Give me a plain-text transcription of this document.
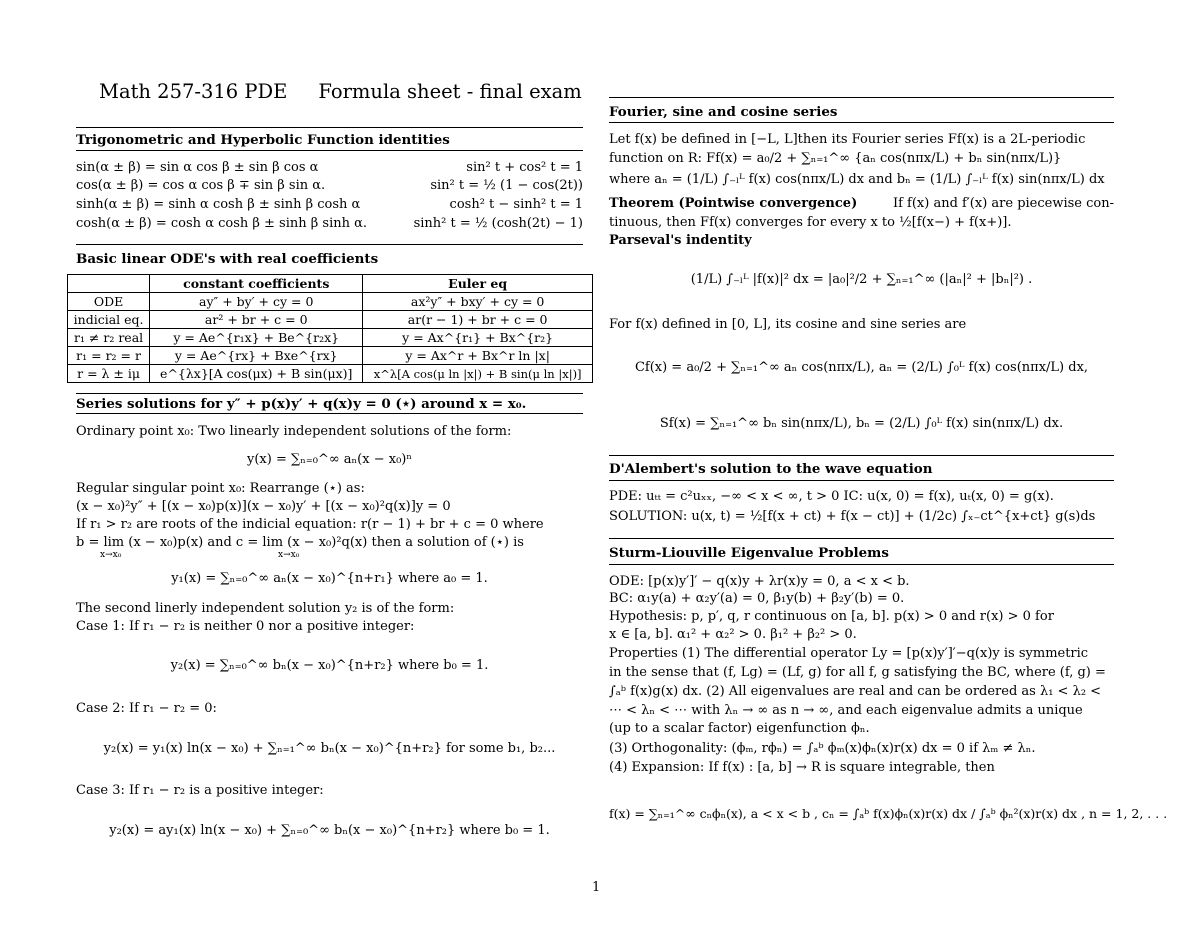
Math 257-316 PDE     Formula sheet - final exam
Trigonometric and Hyperbolic Function identities
sin(α ± β) = sin α cos β ± sin β cos α	sin² t + cos² t = 1
cos(α ± β) = cos α cos β ∓ sin β sin α.	sin² t = ½ (1 − cos(2t))
sinh(α ± β) = sinh α cosh β ± sinh β cosh α	cosh² t − sinh² t = 1
cosh(α ± β) = cosh α cosh β ± sinh β sinh α.	sinh² t = ½ (cosh(2t) − 1)
Basic linear ODE's with real coefficients
	constant coefficients	Euler eq
ODE	ay″ + by′ + cy = 0	ax²y″ + bxy′ + cy = 0
indicial eq.	ar² + br + c = 0	ar(r − 1) + br + c = 0
r₁ ≠ r₂ real	y = Ae^{r₁x} + Be^{r₂x}	y = Ax^{r₁} + Bx^{r₂}
r₁ = r₂ = r	y = Ae^{rx} + Bxe^{rx}	y = Ax^r + Bx^r ln |x|
r = λ ± iμ	e^{λx}[A cos(μx) + B sin(μx)]	x^λ[A cos(μ ln |x|) + B sin(μ ln |x|)]
Series solutions for y″ + p(x)y′ + q(x)y = 0 (⋆) around x = x₀.
Ordinary point x₀: Two linearly independent solutions of the form:
y(x) = ∑ₙ₌₀^∞ aₙ(x − x₀)ⁿ
Regular singular point x₀: Rearrange (⋆) as:
(x − x₀)²y″ + [(x − x₀)p(x)](x − x₀)y′ + [(x − x₀)²q(x)]y = 0
If r₁ > r₂ are roots of the indicial equation: r(r − 1) + br + c = 0 where
b = lim (x − x₀)p(x) and c = lim (x − x₀)²q(x) then a solution of (⋆) is
x→x₀	x→x₀
y₁(x) = ∑ₙ₌₀^∞ aₙ(x − x₀)^{n+r₁} where a₀ = 1.
The second linerly independent solution y₂ is of the form:
Case 1: If r₁ − r₂ is neither 0 nor a positive integer:
y₂(x) = ∑ₙ₌₀^∞ bₙ(x − x₀)^{n+r₂} where b₀ = 1.
Case 2: If r₁ − r₂ = 0:
y₂(x) = y₁(x) ln(x − x₀) + ∑ₙ₌₁^∞ bₙ(x − x₀)^{n+r₂} for some b₁, b₂...
Case 3: If r₁ − r₂ is a positive integer:
y₂(x) = ay₁(x) ln(x − x₀) + ∑ₙ₌₀^∞ bₙ(x − x₀)^{n+r₂} where b₀ = 1.
Fourier, sine and cosine series
Let f(x) be defined in [−L, L]then its Fourier series Ff(x) is a 2L-periodic
function on R: Ff(x) = a₀/2 + ∑ₙ₌₁^∞ {aₙ cos(nπx/L) + bₙ sin(nπx/L)}
where aₙ = (1/L) ∫₋ₗᴸ f(x) cos(nπx/L) dx and bₙ = (1/L) ∫₋ₗᴸ f(x) sin(nπx/L) dx
Theorem (Pointwise convergence)	If f(x) and f′(x) are piecewise con-
tinuous, then Ff(x) converges for every x to ½[f(x−) + f(x+)].
Parseval's indentity
(1/L) ∫₋ₗᴸ |f(x)|² dx = |a₀|²/2 + ∑ₙ₌₁^∞ (|aₙ|² + |bₙ|²) .
For f(x) defined in [0, L], its cosine and sine series are
Cf(x) = a₀/2 + ∑ₙ₌₁^∞ aₙ cos(nπx/L), aₙ = (2/L) ∫₀ᴸ f(x) cos(nπx/L) dx,
Sf(x) = ∑ₙ₌₁^∞ bₙ sin(nπx/L), bₙ = (2/L) ∫₀ᴸ f(x) sin(nπx/L) dx.
D'Alembert's solution to the wave equation
PDE: uₜₜ = c²uₓₓ, −∞ < x < ∞, t > 0 IC: u(x, 0) = f(x), uₜ(x, 0) = g(x).
SOLUTION: u(x, t) = ½[f(x + ct) + f(x − ct)] + (1/2c) ∫ₓ₋ct^{x+ct} g(s)ds
Sturm-Liouville Eigenvalue Problems
ODE: [p(x)y′]′ − q(x)y + λr(x)y = 0, a < x < b.
BC: α₁y(a) + α₂y′(a) = 0, β₁y(b) + β₂y′(b) = 0.
Hypothesis: p, p′, q, r continuous on [a, b]. p(x) > 0 and r(x) > 0 for
x ∈ [a, b]. α₁² + α₂² > 0. β₁² + β₂² > 0.
Properties (1) The differential operator Ly = [p(x)y′]′−q(x)y is symmetric
in the sense that (f, Lg) = (Lf, g) for all f, g satisfying the BC, where (f, g) =
∫ₐᵇ f(x)g(x) dx. (2) All eigenvalues are real and can be ordered as λ₁ < λ₂ <
⋯ < λₙ < ⋯ with λₙ → ∞ as n → ∞, and each eigenvalue admits a unique
(up to a scalar factor) eigenfunction ϕₙ.
(3) Orthogonality: (ϕₘ, rϕₙ) = ∫ₐᵇ ϕₘ(x)ϕₙ(x)r(x) dx = 0 if λₘ ≠ λₙ.
(4) Expansion: If f(x) : [a, b] → R is square integrable, then
f(x) = ∑ₙ₌₁^∞ cₙϕₙ(x), a < x < b , cₙ = ∫ₐᵇ f(x)ϕₙ(x)r(x) dx / ∫ₐᵇ ϕₙ²(x)r(x) dx , n = 1, 2, . . .
1
